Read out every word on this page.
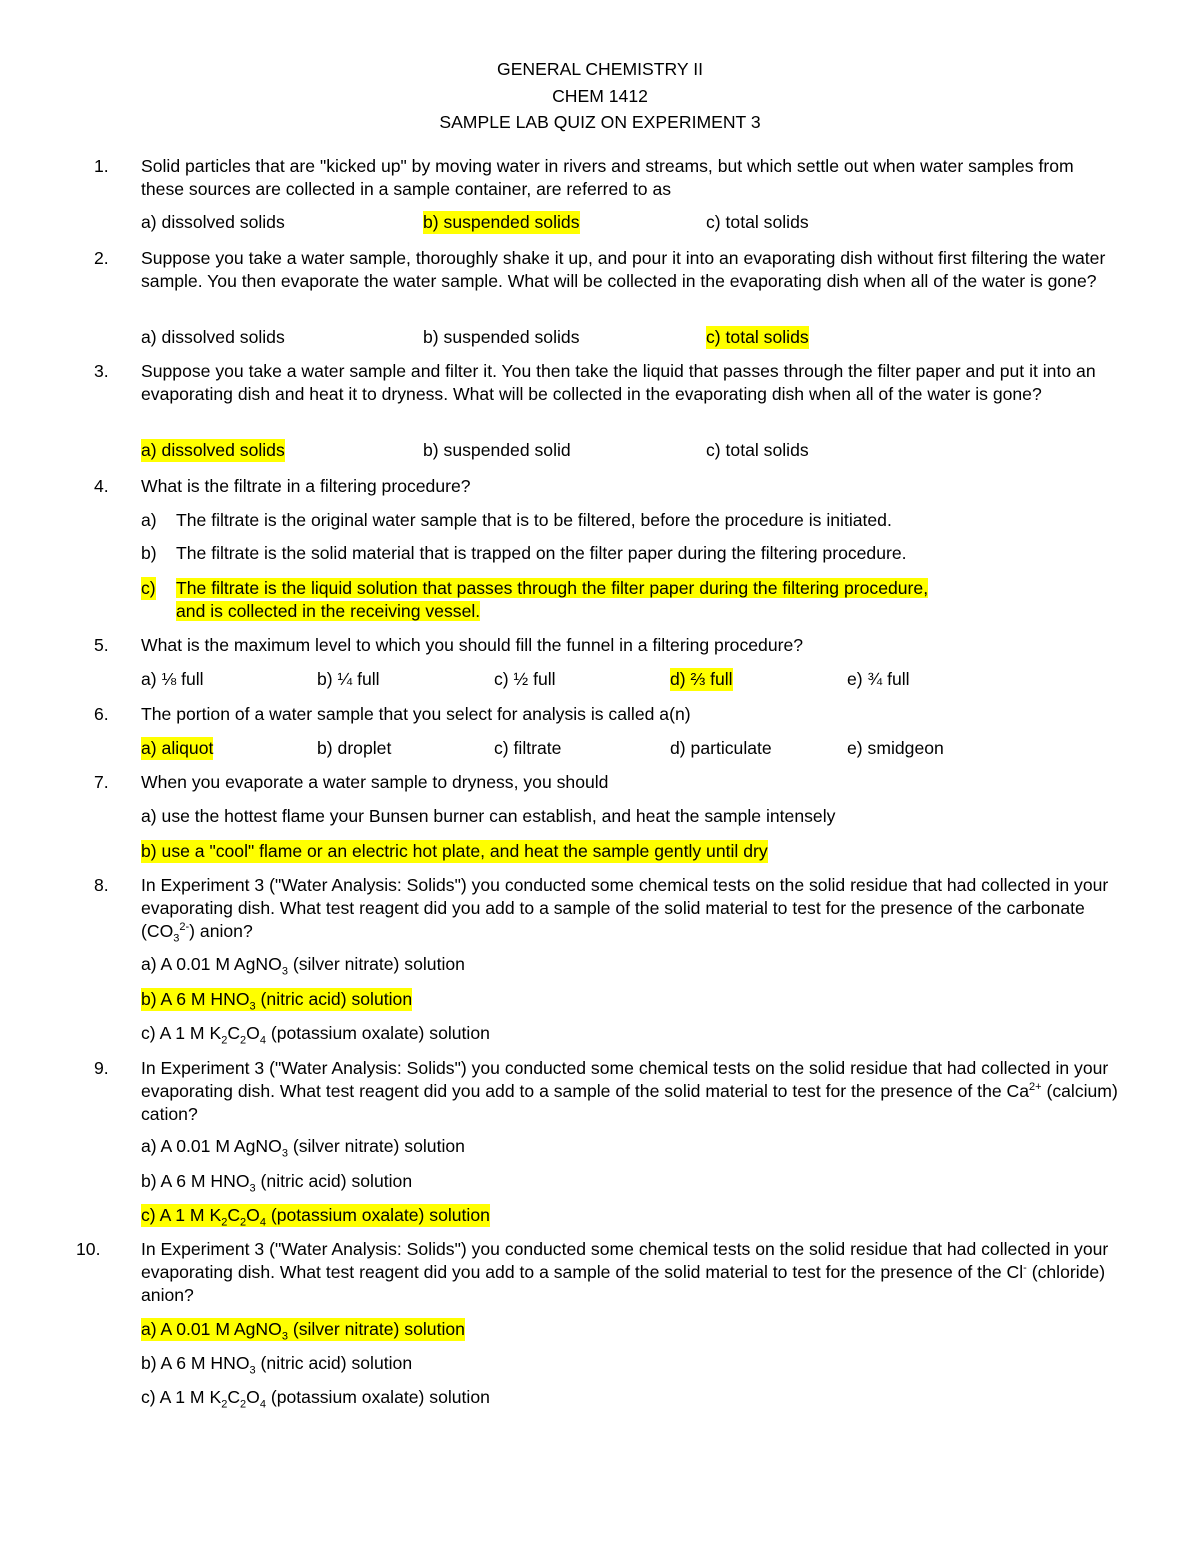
GENERAL CHEMISTRY II
CHEM 1412
SAMPLE LAB QUIZ ON EXPERIMENT 3
1.	Solid particles that are "kicked up" by moving water in rivers and streams, but which settle out when water samples from these sources are collected in a sample container, are referred to as
a) dissolved solids	b) suspended solids	c) total solids
2.	Suppose you take a water sample, thoroughly shake it up, and pour it into an evaporating dish without first filtering the water sample. You then evaporate the water sample. What will be collected in the evaporating dish when all of the water is gone?
a) dissolved solids	b) suspended solids	c) total solids
3.	Suppose you take a water sample and filter it. You then take the liquid that passes through the filter paper and put it into an evaporating dish and heat it to dryness. What will be collected in the evaporating dish when all of the water is gone?
a) dissolved solids	b) suspended solid	c) total solids
4.	What is the filtrate in a filtering procedure?
a) The filtrate is the original water sample that is to be filtered, before the procedure is initiated.
b) The filtrate is the solid material that is trapped on the filter paper during the filtering procedure.
c) The filtrate is the liquid solution that passes through the filter paper during the filtering procedure, and is collected in the receiving vessel.
5.	What is the maximum level to which you should fill the funnel in a filtering procedure?
a) ⅛ full	b) ¼ full	c) ½ full	d) ⅔ full	e) ¾ full
6.	The portion of a water sample that you select for analysis is called a(n)
a) aliquot	b) droplet	c) filtrate	d) particulate	e) smidgeon
7.	When you evaporate a water sample to dryness, you should
a) use the hottest flame your Bunsen burner can establish, and heat the sample intensely
b) use a "cool" flame or an electric hot plate, and heat the sample gently until dry
8.	In Experiment 3 ("Water Analysis: Solids") you conducted some chemical tests on the solid residue that had collected in your evaporating dish. What test reagent did you add to a sample of the solid material to test for the presence of the carbonate $(CO_3^{2-})$ anion?
a) A 0.01 M AgNO$_3$ (silver nitrate) solution
b) A 6 M $HNO_3$ (nitric acid) solution
c) A 1 M $K_2C_2O_4$ (potassium oxalate) solution
9.	In Experiment 3 ("Water Analysis: Solids") you conducted some chemical tests on the solid residue that had collected in your evaporating dish. What test reagent did you add to a sample of the solid material to test for the presence of the $Ca^{2+}$ (calcium) cation?
a) A 0.01 M AgNO$_3$ (silver nitrate) solution
b) A 6 M $HNO_3$ (nitric acid) solution
c) A 1 M $K_2C_2O_4$ (potassium oxalate) solution
10.	In Experiment 3 ("Water Analysis: Solids") you conducted some chemical tests on the solid residue that had collected in your evaporating dish. What test reagent did you add to a sample of the solid material to test for the presence of the Cl- (chloride) anion?
a) A 0.01 M AgNO$_3$ (silver nitrate) solution
b) A 6 M $HNO_3$ (nitric acid) solution
c) A 1 M $K_2C_2O_4$ (potassium oxalate) solution
